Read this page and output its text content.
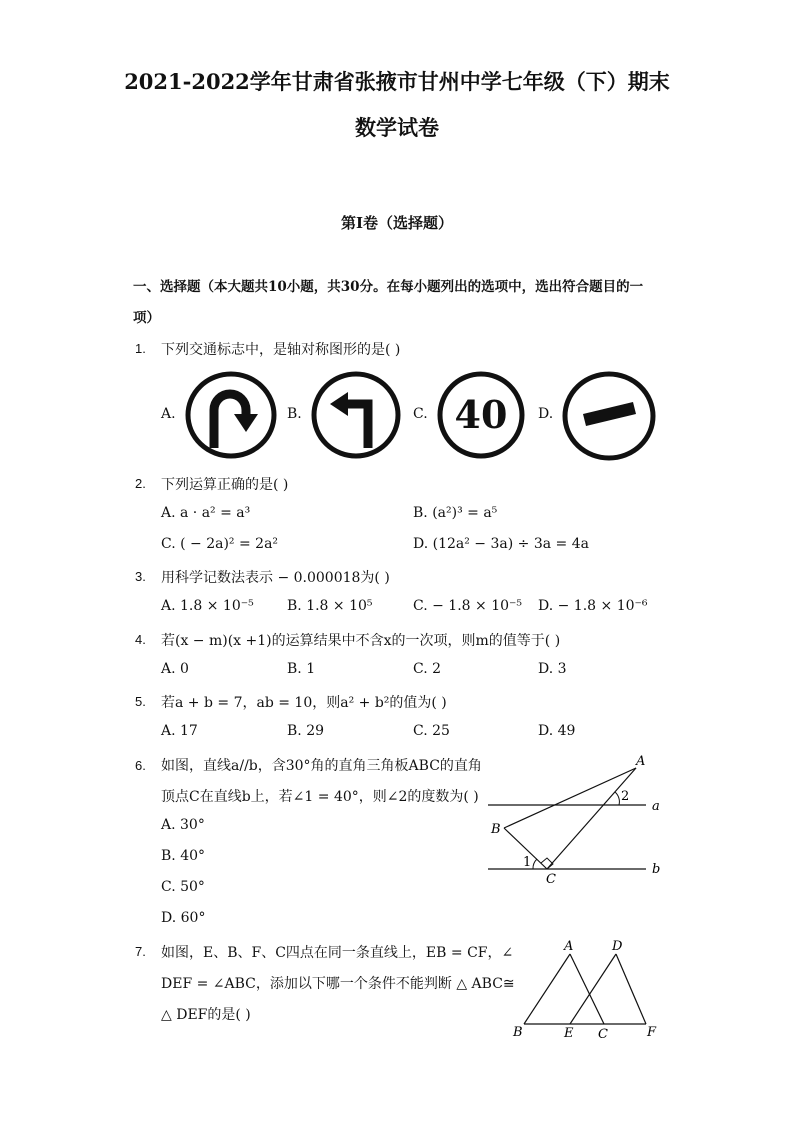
2021-2022学年甘肃省张掖市甘州中学七年级（下）期末
数学试卷
第I卷（选择题）
一、选择题（本大题共10小题，共30分。在每小题列出的选项中，选出符合题目的一
项）
1. 下列交通标志中，是轴对称图形的是( )
A.	B.	C.	D.
40
2. 下列运算正确的是( )
A. a · a² = a³	B. (a²)³ = a⁵
C. ( − 2a)² = 2a²	D. (12a² − 3a) ÷ 3a = 4a
3. 用科学记数法表示 − 0.000018为( )
A. 1.8 × 10⁻⁵ B. 1.8 × 10⁵	C. − 1.8 × 10⁻⁵ D. − 1.8 × 10⁻⁶
4. 若(x − m)(x +1)的运算结果中不含x的一次项，则m的值等于( )
A. 0	B. 1	C. 2	D. 3
5. 若a + b = 7，ab = 10，则a² + b²的值为( )
A. 17	B. 29	C. 25	D. 49
6. 如图，直线a//b，含30°角的直角三角板ABC的直角
顶点C在直线b上，若∠1 = 40°，则∠2的度数为( )
A. 30°
B. 40°
C. 50°
D. 60°
A
B
C
a
b
1
2
7. 如图，E、B、F、C四点在同一条直线上，EB = CF，∠
DEF = ∠ABC，添加以下哪一个条件不能判断 △ ABC≅
△ DEF的是( )
A	D
B	E C	F
